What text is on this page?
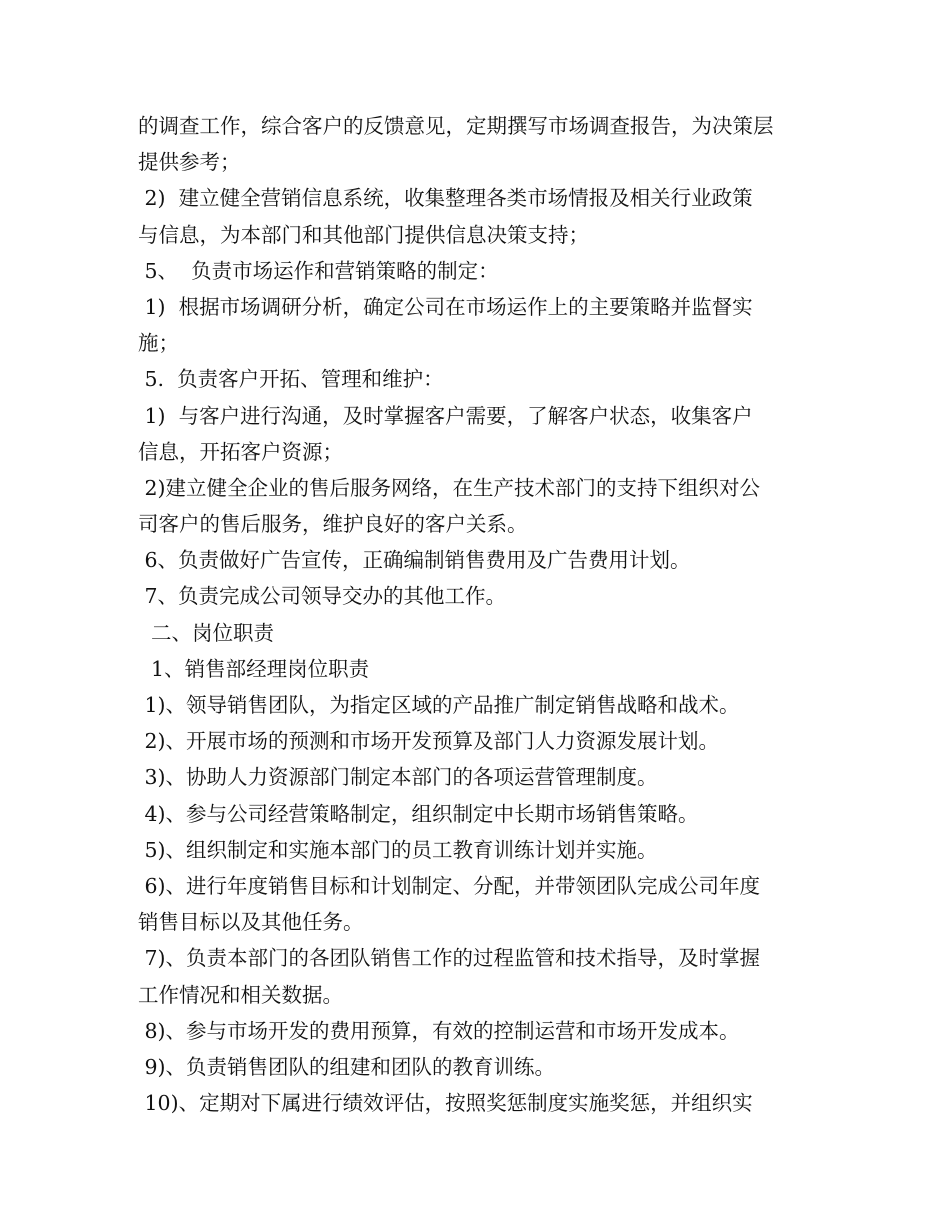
的调查工作，综合客户的反馈意见，定期撰写市场调查报告，为决策层
提供参考；
2)  建立健全营销信息系统，收集整理各类市场情报及相关行业政策
与信息，为本部门和其他部门提供信息决策支持；
5、  负责市场运作和营销策略的制定：
1)  根据市场调研分析，确定公司在市场运作上的主要策略并监督实
施；
5.  负责客户开拓、管理和维护：
1)  与客户进行沟通，及时掌握客户需要，了解客户状态，收集客户
信息，开拓客户资源；
2)建立健全企业的售后服务网络，在生产技术部门的支持下组织对公
司客户的售后服务，维护良好的客户关系。
6、负责做好广告宣传，正确编制销售费用及广告费用计划。
7、负责完成公司领导交办的其他工作。
二、岗位职责
1、销售部经理岗位职责
1)、领导销售团队，为指定区域的产品推广制定销售战略和战术。
2)、开展市场的预测和市场开发预算及部门人力资源发展计划。
3)、协助人力资源部门制定本部门的各项运营管理制度。
4)、参与公司经营策略制定，组织制定中长期市场销售策略。
5)、组织制定和实施本部门的员工教育训练计划并实施。
6)、进行年度销售目标和计划制定、分配，并带领团队完成公司年度
销售目标以及其他任务。
7)、负责本部门的各团队销售工作的过程监管和技术指导，及时掌握
工作情况和相关数据。
8)、参与市场开发的费用预算，有效的控制运营和市场开发成本。
9)、负责销售团队的组建和团队的教育训练。
10)、定期对下属进行绩效评估，按照奖惩制度实施奖惩，并组织实
